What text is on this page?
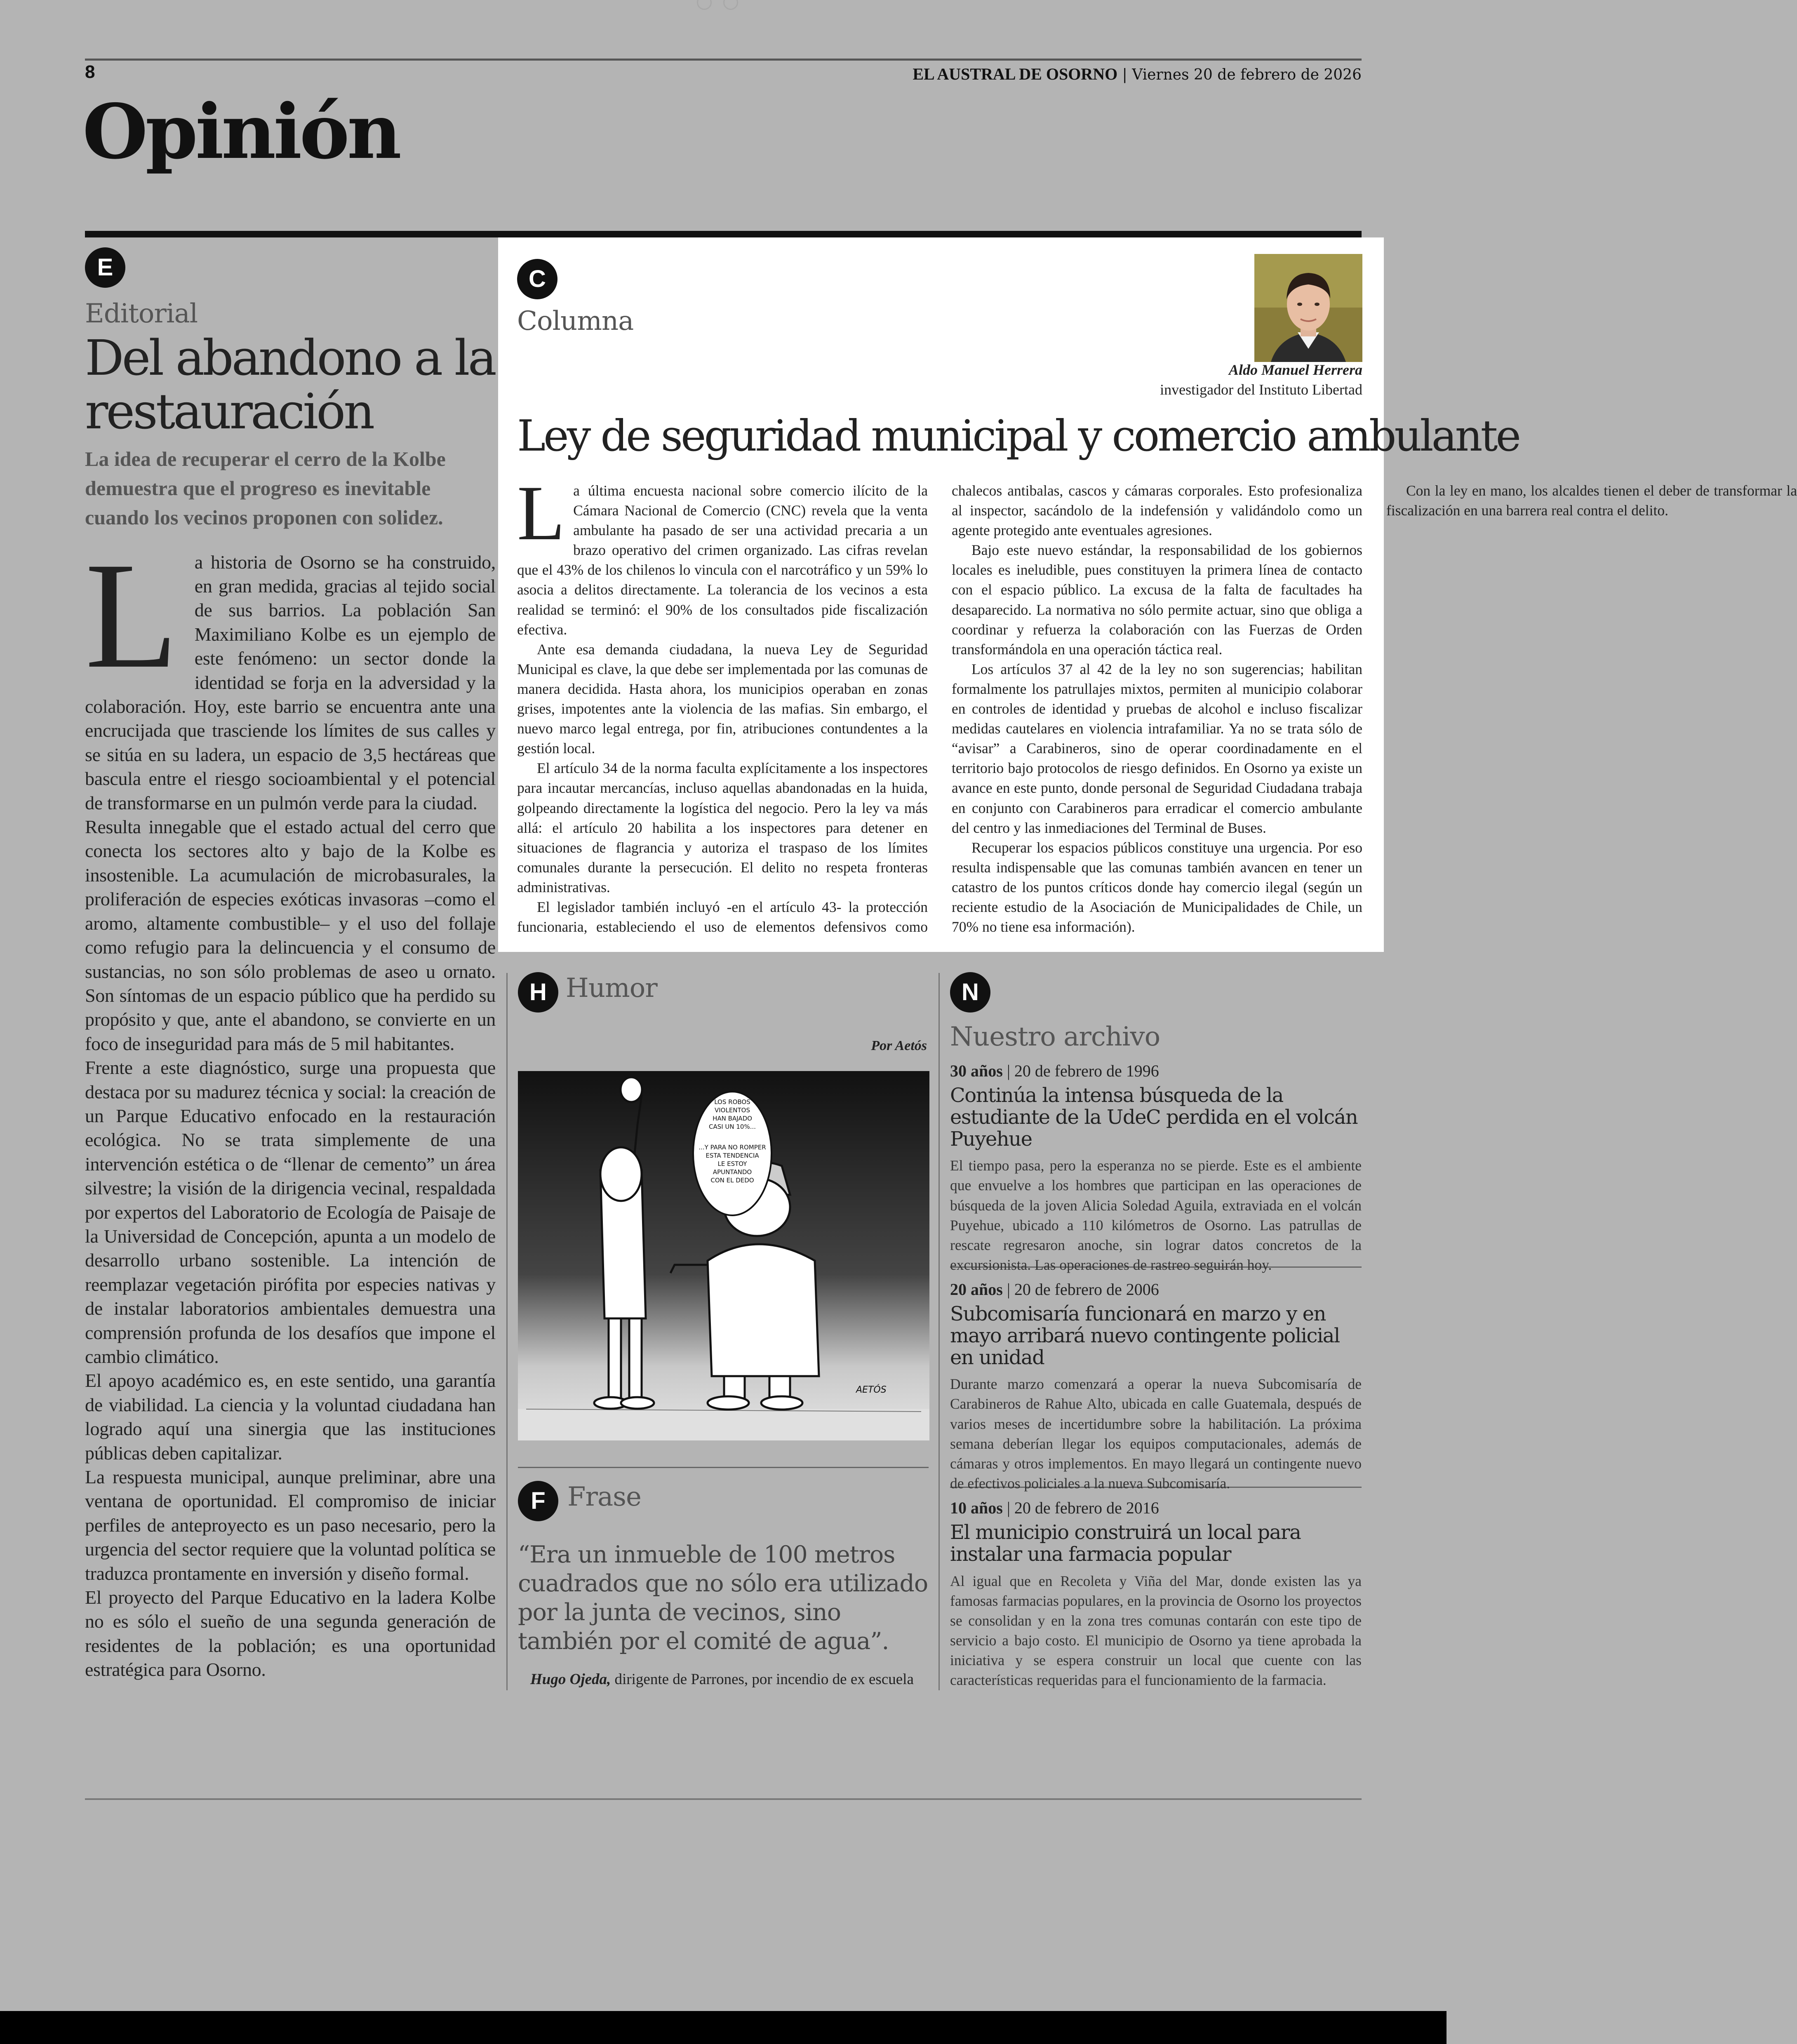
8	EL AUSTRAL DE OSORNO | Viernes 20 de febrero de 2026
Opinión
E
Editorial
Del abandono a la restauración
La idea de recuperar el cerro de la Kolbe demuestra que el progreso es inevitable cuando los vecinos proponen con solidez.

La historia de Osorno se ha construido, en gran medida, gracias al tejido social de sus barrios. La población San Maximiliano Kolbe es un ejemplo de este fenómeno: un sector donde la identidad se forja en la adversidad y la colaboración. Hoy, este barrio se encuentra ante una encrucijada que trasciende los límites de sus calles y se sitúa en su ladera, un espacio de 3,5 hectáreas que bascula entre el riesgo socioambiental y el potencial de transformarse en un pulmón verde para la ciudad.

Resulta innegable que el estado actual del cerro que conecta los sectores alto y bajo de la Kolbe es insostenible. La acumulación de microbasurales, la proliferación de especies exóticas invasoras –como el aromo, altamente combustible– y el uso del follaje como refugio para la delincuencia y el consumo de sustancias, no son sólo problemas de aseo u ornato. Son síntomas de un espacio público que ha perdido su propósito y que, ante el abandono, se convierte en un foco de inseguridad para más de 5 mil habitantes.

Frente a este diagnóstico, surge una propuesta que destaca por su madurez técnica y social: la creación de un Parque Educativo enfocado en la restauración ecológica. No se trata simplemente de una intervención estética o de “llenar de cemento” un área silvestre; la visión de la dirigencia vecinal, respaldada por expertos del Laboratorio de Ecología de Paisaje de la Universidad de Concepción, apunta a un modelo de desarrollo urbano sostenible. La intención de reemplazar vegetación pirófita por especies nativas y de instalar laboratorios ambientales demuestra una comprensión profunda de los desafíos que impone el cambio climático.

El apoyo académico es, en este sentido, una garantía de viabilidad. La ciencia y la voluntad ciudadana han logrado aquí una sinergia que las instituciones públicas deben capitalizar.

La respuesta municipal, aunque preliminar, abre una ventana de oportunidad. El compromiso de iniciar perfiles de anteproyecto es un paso necesario, pero la urgencia del sector requiere que la voluntad política se traduzca prontamente en inversión y diseño formal.

El proyecto del Parque Educativo en la ladera Kolbe no es sólo el sueño de una segunda generación de residentes de la población; es una oportunidad estratégica para Osorno.

C
Columna
Aldo Manuel Herrera
investigador del Instituto Libertad
Ley de seguridad municipal y comercio ambulante

La última encuesta nacional sobre comercio ilícito de la Cámara Nacional de Comercio (CNC) revela que la venta ambulante ha pasado de ser una actividad precaria a un brazo operativo del crimen organizado. Las cifras revelan que el 43% de los chilenos lo vincula con el narcotráfico y un 59% lo asocia a delitos directamente. La tolerancia de los vecinos a esta realidad se terminó: el 90% de los consultados pide fiscalización efectiva.

Ante esa demanda ciudadana, la nueva Ley de Seguridad Municipal es clave, la que debe ser implementada por las comunas de manera decidida. Hasta ahora, los municipios operaban en zonas grises, impotentes ante la violencia de las mafias. Sin embargo, el nuevo marco legal entrega, por fin, atribuciones contundentes a la gestión local.

El artículo 34 de la norma faculta explícitamente a los inspectores para incautar mercancías, incluso aquellas abandonadas en la huida, golpeando directamente la logística del negocio. Pero la ley va más allá: el artículo 20 habilita a los inspectores para detener en situaciones de flagrancia y autoriza el traspaso de los límites comunales durante la persecución. El delito no respeta fronteras administrativas.

El legislador también incluyó -en el artículo 43- la protección funcionaria, estableciendo el uso de elementos defensivos como chalecos antibalas, cascos y cámaras corporales. Esto profesionaliza al inspector, sacándolo de la indefensión y validándolo como un agente protegido ante eventuales agresiones.

Bajo este nuevo estándar, la responsabilidad de los gobiernos locales es ineludible, pues constituyen la primera línea de contacto con el espacio público. La excusa de la falta de facultades ha desaparecido. La normativa no sólo permite actuar, sino que obliga a coordinar y refuerza la colaboración con las Fuerzas de Orden transformándola en una operación táctica real.

Los artículos 37 al 42 de la ley no son sugerencias; habilitan formalmente los patrullajes mixtos, permiten al municipio colaborar en controles de identidad y pruebas de alcohol e incluso fiscalizar medidas cautelares en violencia intrafamiliar. Ya no se trata sólo de “avisar” a Carabineros, sino de operar coordinadamente en el territorio bajo protocolos de riesgo definidos. En Osorno ya existe un avance en este punto, donde personal de Seguridad Ciudadana trabaja en conjunto con Carabineros para erradicar el comercio ambulante del centro y las inmediaciones del Terminal de Buses.

Recuperar los espacios públicos constituye una urgencia. Por eso resulta indispensable que las comunas también avancen en tener un catastro de los puntos críticos donde hay comercio ilegal (según un reciente estudio de la Asociación de Municipalidades de Chile, un 70% no tiene esa información).

Con la ley en mano, los alcaldes tienen el deber de transformar la fiscalización en una barrera real contra el delito.

H Humor
Por Aetós
LOS ROBOS
VIOLENTOS
HAN BAJADO
CASI UN 10%...
...Y PARA NO ROMPER
ESTA TENDENCIA
LE ESTOY
APUNTANDO
CON EL DEDO
AETÓS
F Frase
“Era un inmueble de 100 metros cuadrados que no sólo era utilizado por la junta de vecinos, sino también por el comité de agua”.
Hugo Ojeda, dirigente de Parrones, por incendio de ex escuela
N
Nuestro archivo
30 años | 20 de febrero de 1996
Continúa la intensa búsqueda de la estudiante de la UdeC perdida en el volcán Puyehue
El tiempo pasa, pero la esperanza no se pierde. Este es el ambiente que envuelve a los hombres que participan en las operaciones de búsqueda de la joven Alicia Soledad Aguila, extraviada en el volcán Puyehue, ubicado a 110 kilómetros de Osorno. Las patrullas de rescate regresaron anoche, sin lograr datos concretos de la excursionista. Las operaciones de rastreo seguirán hoy.
20 años | 20 de febrero de 2006
Subcomisaría funcionará en marzo y en mayo arribará nuevo contingente policial en unidad
Durante marzo comenzará a operar la nueva Subcomisaría de Carabineros de Rahue Alto, ubicada en calle Guatemala, después de varios meses de incertidumbre sobre la habilitación. La próxima semana deberían llegar los equipos computacionales, además de cámaras y otros implementos. En mayo llegará un contingente nuevo de efectivos policiales a la nueva Subcomisaría.
10 años | 20 de febrero de 2016
El municipio construirá un local para instalar una farmacia popular
Al igual que en Recoleta y Viña del Mar, donde existen las ya famosas farmacias populares, en la provincia de Osorno los proyectos se consolidan y en la zona tres comunas contarán con este tipo de servicio a bajo costo. El municipio de Osorno ya tiene aprobada la iniciativa y se espera construir un local que cuente con las características requeridas para el funcionamiento de la farmacia.
